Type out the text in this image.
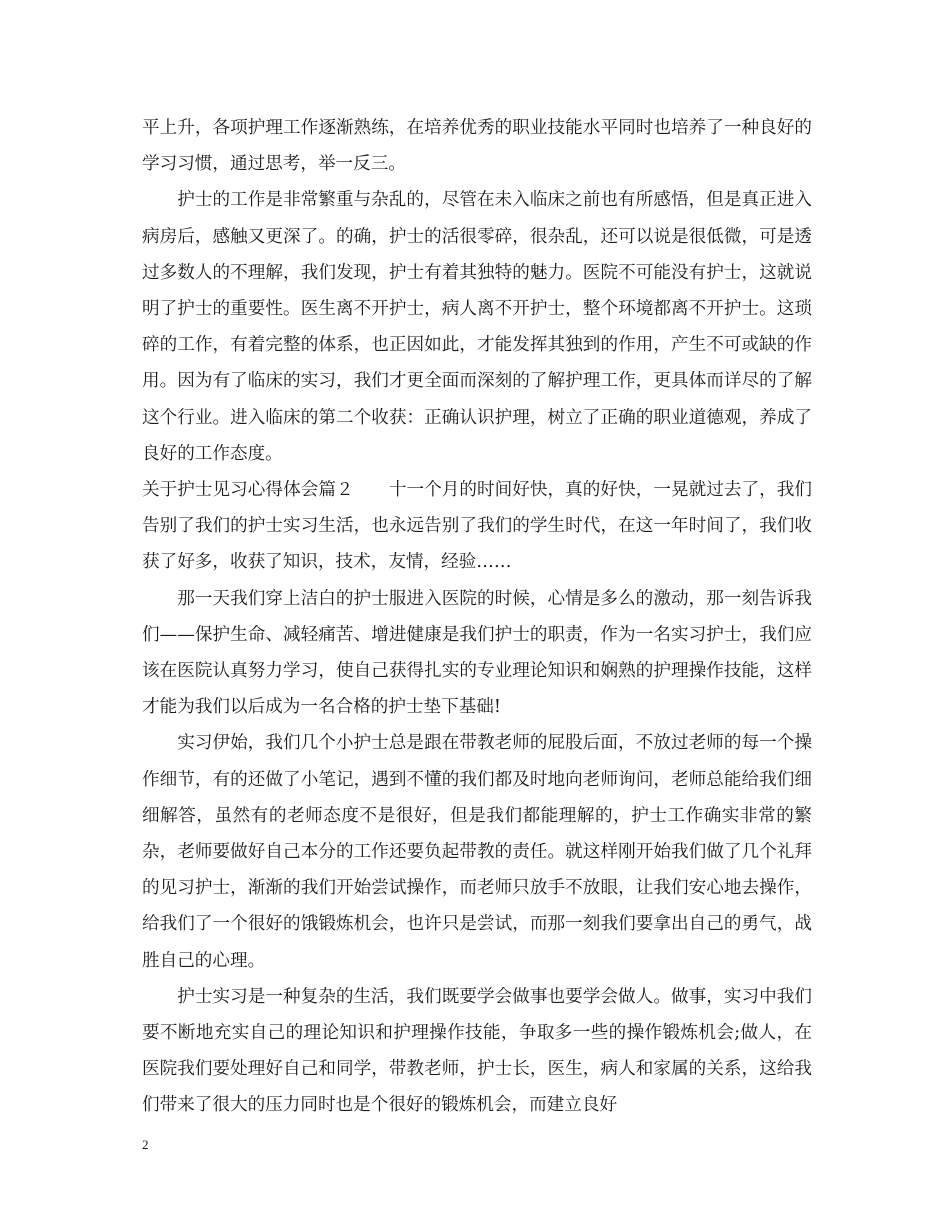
平上升，各项护理工作逐渐熟练，在培养优秀的职业技能水平同时也培养了一种良好的学习习惯，通过思考，举一反三。

护士的工作是非常繁重与杂乱的，尽管在未入临床之前也有所感悟，但是真正进入病房后，感触又更深了。的确，护士的活很零碎，很杂乱，还可以说是很低微，可是透过多数人的不理解，我们发现，护士有着其独特的魅力。医院不可能没有护士，这就说明了护士的重要性。医生离不开护士，病人离不开护士，整个环境都离不开护士。这琐碎的工作，有着完整的体系，也正因如此，才能发挥其独到的作用，产生不可或缺的作用。因为有了临床的实习，我们才更全面而深刻的了解护理工作，更具体而详尽的了解这个行业。进入临床的第二个收获：正确认识护理，树立了正确的职业道德观，养成了良好的工作态度。

关于护士见习心得体会篇２   十一个月的时间好快，真的好快，一晃就过去了，我们告别了我们的护士实习生活，也永远告别了我们的学生时代，在这一年时间了，我们收获了好多，收获了知识，技术，友情，经验……

那一天我们穿上洁白的护士服进入医院的时候，心情是多么的激动，那一刻告诉我们——保护生命、减轻痛苦、增进健康是我们护士的职责，作为一名实习护士，我们应该在医院认真努力学习，使自己获得扎实的专业理论知识和娴熟的护理操作技能，这样才能为我们以后成为一名合格的护士垫下基础!

实习伊始，我们几个小护士总是跟在带教老师的屁股后面，不放过老师的每一个操作细节，有的还做了小笔记，遇到不懂的我们都及时地向老师询问，老师总能给我们细细解答，虽然有的老师态度不是很好，但是我们都能理解的，护士工作确实非常的繁杂，老师要做好自己本分的工作还要负起带教的责任。就这样刚开始我们做了几个礼拜的见习护士，渐渐的我们开始尝试操作，而老师只放手不放眼，让我们安心地去操作，给我们了一个很好的饿锻炼机会，也许只是尝试，而那一刻我们要拿出自己的勇气，战胜自己的心理。

护士实习是一种复杂的生活，我们既要学会做事也要学会做人。做事，实习中我们要不断地充实自己的理论知识和护理操作技能，争取多一些的操作锻炼机会;做人，在医院我们要处理好自己和同学，带教老师，护士长，医生，病人和家属的关系，这给我们带来了很大的压力同时也是个很好的锻炼机会，而建立良好

2
